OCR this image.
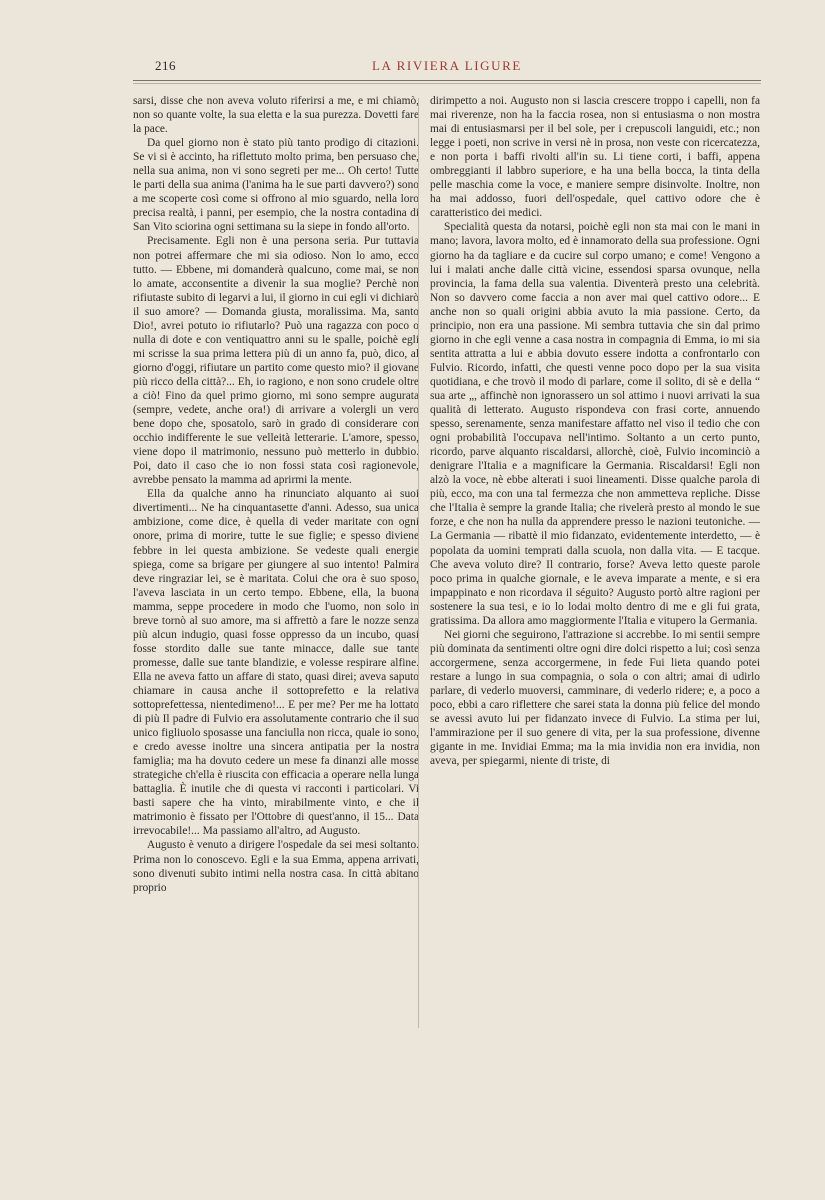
216	LA RIVIERA LIGURE

sarsi, disse che non aveva voluto riferirsi a me, e mi chiamò, non so quante volte, la sua eletta e la sua purezza. Dovetti fare la pace.

Da quel giorno non è stato più tanto prodigo di citazioni. Se vi si è accinto, ha riflettuto molto prima, ben persuaso che, nella sua anima, non vi sono segreti per me... Oh certo! Tutte le parti della sua anima (l'anima ha le sue parti davvero?) sono a me scoperte così come si offrono al mio sguardo, nella loro precisa realtà, i panni, per esempio, che la nostra contadina di San Vito sciorina ogni settimana su la siepe in fondo all'orto.

Precisamente. Egli non è una persona seria. Pur tuttavia non potrei affermare che mi sia odioso. Non lo amo, ecco tutto. — Ebbene, mi domanderà qualcuno, come mai, se non lo amate, acconsentite a divenir la sua moglie? Perchè non rifiutaste subito di legarvi a lui, il giorno in cui egli vi dichiarò il suo amore? — Domanda giusta, moralissima. Ma, santo Dio!, avrei potuto io rifiutarlo? Può una ragazza con poco o nulla di dote e con ventiquattro anni su le spalle, poichè egli mi scrisse la sua prima lettera più di un anno fa, può, dico, al giorno d'oggi, rifiutare un partito come questo mio? il giovane più ricco della città?... Eh, io ragiono, e non sono crudele oltre a ciò! Fino da quel primo giorno, mi sono sempre augurata (sempre, vedete, anche ora!) di arrivare a volergli un vero bene dopo che, sposatolo, sarò in grado di considerare con occhio indifferente le sue velleità letterarie. L'amore, spesso, viene dopo il matrimonio, nessuno può metterlo in dubbio. Poi, dato il caso che io non fossi stata così ragionevole, avrebbe pensato la mamma ad aprirmi la mente.

Ella da qualche anno ha rinunciato alquanto ai suoi divertimenti... Ne ha cinquantasette d'anni. Adesso, sua unica ambizione, come dice, è quella di veder maritate con ogni onore, prima di morire, tutte le sue figlie; e spesso diviene febbre in lei questa ambizione. Se vedeste quali energie spiega, come sa brigare per giungere al suo intento! Palmira deve ringraziar lei, se è maritata. Colui che ora è suo sposo, l'aveva lasciata in un certo tempo. Ebbene, ella, la buona mamma, seppe procedere in modo che l'uomo, non solo in breve tornò al suo amore, ma si affrettò a fare le nozze senza più alcun indugio, quasi fosse oppresso da un incubo, quasi fosse stordito dalle sue tante minacce, dalle sue tante promesse, dalle sue tante blandizie, e volesse respirare alfine. Ella ne aveva fatto un affare di stato, quasi direi; aveva saputo chiamare in causa anche il sottoprefetto e la relativa sottoprefettessa, nientedimeno!... E per me? Per me ha lottato di più Il padre di Fulvio era assolutamente contrario che il suo unico figliuolo sposasse una fanciulla non ricca, quale io sono, e credo avesse inoltre una sincera antipatia per la nostra famiglia; ma ha dovuto cedere un mese fa dinanzi alle mosse strategiche ch'ella è riuscita con efficacia a operare nella lunga battaglia. È inutile che di questa vi racconti i particolari. Vi basti sapere che ha vinto, mirabilmente vinto, e che il matrimonio è fissato per l'Ottobre di quest'anno, il 15... Data irrevocabile!... Ma passiamo all'altro, ad Augusto.

Augusto è venuto a dirigere l'ospedale da sei mesi soltanto. Prima non lo conoscevo. Egli e la sua Emma, appena arrivati, sono divenuti subito intimi nella nostra casa. In città abitano proprio

dirimpetto a noi. Augusto non si lascia crescere troppo i capelli, non fa mai riverenze, non ha la faccia rosea, non si entusiasma o non mostra mai di entusiasmarsi per il bel sole, per i crepuscoli languidi, etc.; non legge i poeti, non scrive in versi nè in prosa, non veste con ricercatezza, e non porta i baffi rivolti all'in su. Li tiene corti, i baffi, appena ombreggianti il labbro superiore, e ha una bella bocca, la tinta della pelle maschia come la voce, e maniere sempre disinvolte. Inoltre, non ha mai addosso, fuori dell'ospedale, quel cattivo odore che è caratteristico dei medici.

Specialità questa da notarsi, poichè egli non sta mai con le mani in mano; lavora, lavora molto, ed è innamorato della sua professione. Ogni giorno ha da tagliare e da cucire sul corpo umano; e come! Vengono a lui i malati anche dalle città vicine, essendosi sparsa ovunque, nella provincia, la fama della sua valentia. Diventerà presto una celebrità. Non so davvero come faccia a non aver mai quel cattivo odore... E anche non so quali origini abbia avuto la mia passione. Certo, da principio, non era una passione. Mi sembra tuttavia che sin dal primo giorno in che egli venne a casa nostra in compagnia di Emma, io mi sia sentita attratta a lui e abbia dovuto essere indotta a confrontarlo con Fulvio. Ricordo, infatti, che questi venne poco dopo per la sua visita quotidiana, e che trovò il modo di parlare, come il solito, di sè e della “ sua arte „, affinchè non ignorassero un sol attimo i nuovi arrivati la sua qualità di letterato. Augusto rispondeva con frasi corte, annuendo spesso, serenamente, senza manifestare affatto nel viso il tedio che con ogni probabilità l'occupava nell'intimo. Soltanto a un certo punto, ricordo, parve alquanto riscaldarsi, allorchè, cioè, Fulvio incominciò a denigrare l'Italia e a magnificare la Germania. Riscaldarsi! Egli non alzò la voce, nè ebbe alterati i suoi lineamenti. Disse qualche parola di più, ecco, ma con una tal fermezza che non ammetteva repliche. Disse che l'Italia è sempre la grande Italia; che rivelerà presto al mondo le sue forze, e che non ha nulla da apprendere presso le nazioni teutoniche. — La Germania — ribattè il mio fidanzato, evidentemente interdetto, — è popolata da uomini temprati dalla scuola, non dalla vita. — E tacque. Che aveva voluto dire? Il contrario, forse? Aveva letto queste parole poco prima in qualche giornale, e le aveva imparate a mente, e si era impappinato e non ricordava il séguito? Augusto portò altre ragioni per sostenere la sua tesi, e io lo lodai molto dentro di me e gli fui grata, gratissima. Da allora amo maggiormente l'Italia e vitupero la Germania.

Nei giorni che seguirono, l'attrazione si accrebbe. Io mi sentii sempre più dominata da sentimenti oltre ogni dire dolci rispetto a lui; così senza accorgermene, senza accorgermene, in fede Fui lieta quando potei restare a lungo in sua compagnia, o sola o con altri; amai di udirlo parlare, di vederlo muoversi, camminare, di vederlo ridere; e, a poco a poco, ebbi a caro riflettere che sarei stata la donna più felice del mondo se avessi avuto lui per fidanzato invece di Fulvio. La stima per lui, l'ammirazione per il suo genere di vita, per la sua professione, divenne gigante in me. Invidiai Emma; ma la mia invidia non era invidia, non aveva, per spiegarmi, niente di triste, di
